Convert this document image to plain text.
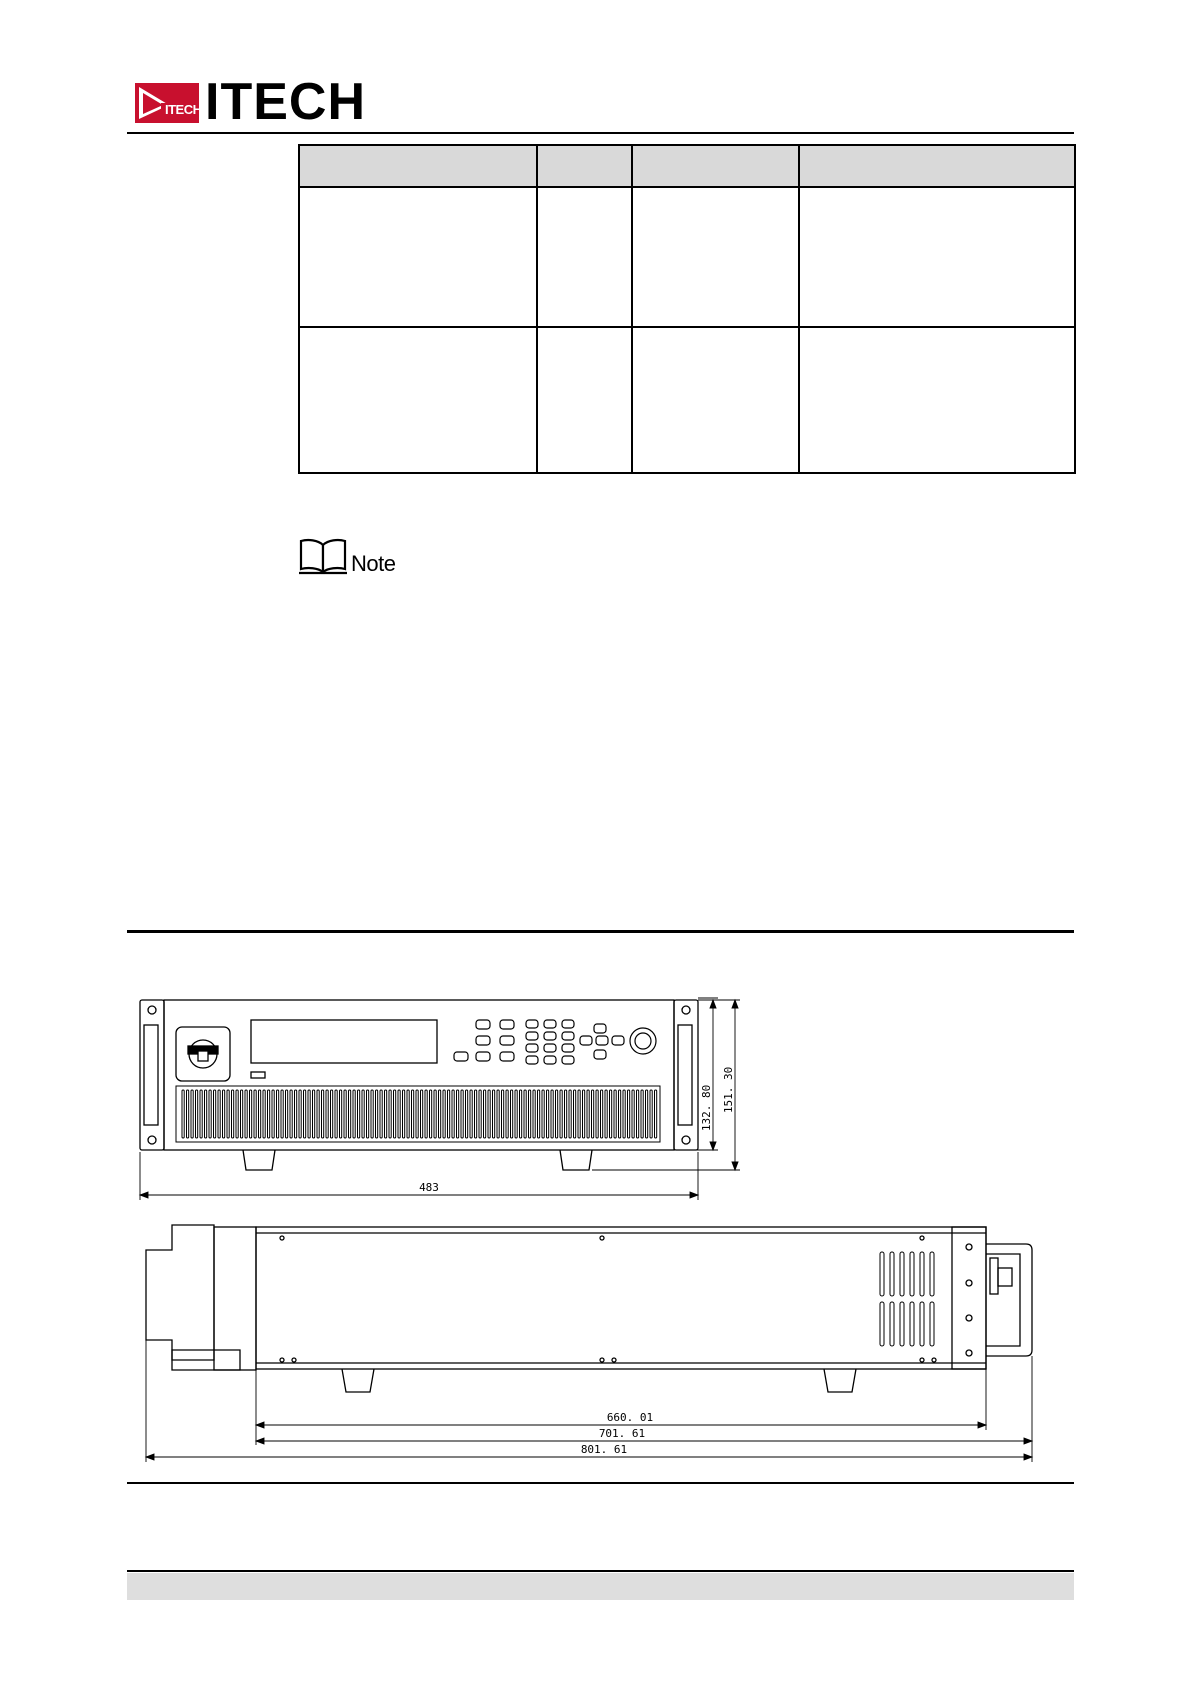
ITECH ITECH

Note
132. 80 151. 30
483
660. 01
701. 61
801. 61
